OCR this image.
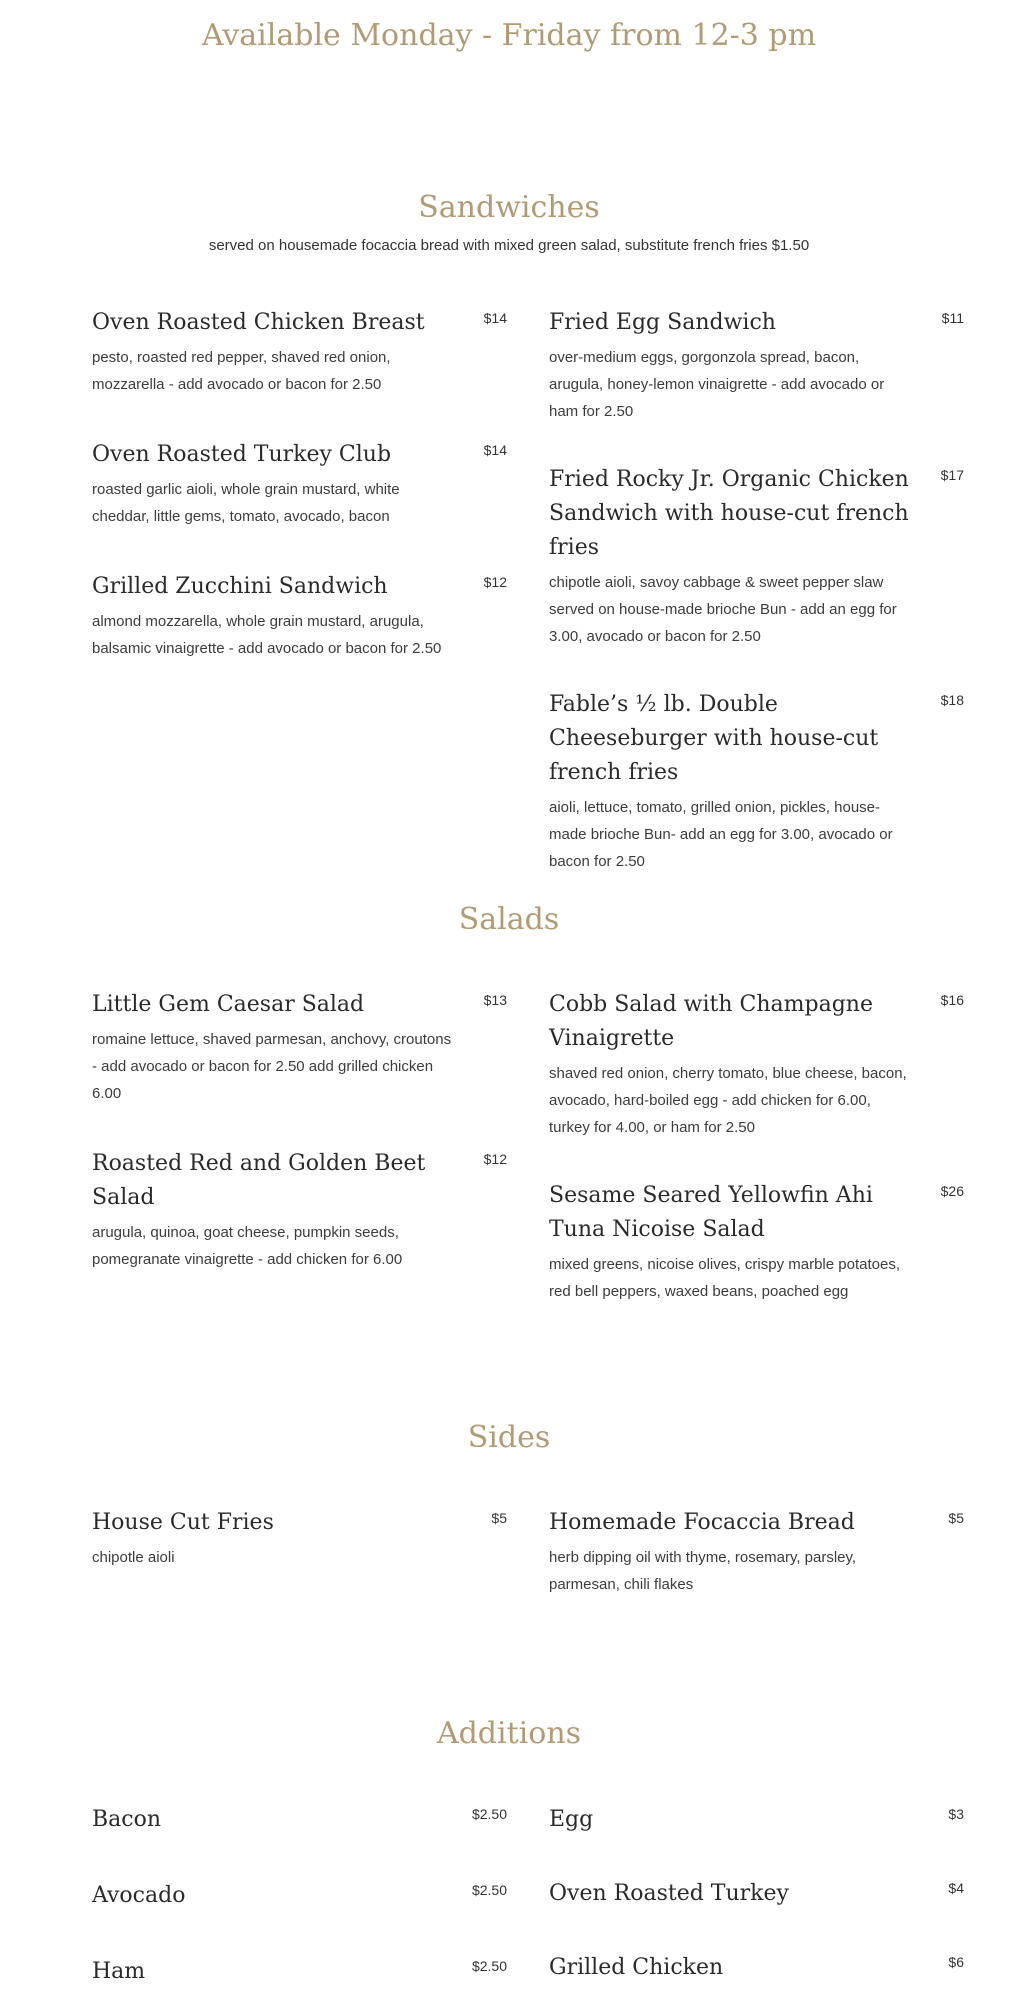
Available Monday - Friday from 12-3 pm
Sandwiches

served on housemade focaccia bread with mixed green salad, substitute french fries $1.50

Oven Roasted Chicken Breast

pesto, roasted red pepper, shaved red onion, mozzarella - add avocado or bacon for 2.50

$14
Oven Roasted Turkey Club

roasted garlic aioli, whole grain mustard, white cheddar, little gems, tomato, avocado, bacon

$14
Grilled Zucchini Sandwich

almond mozzarella, whole grain mustard, arugula, balsamic vinaigrette - add avocado or bacon for 2.50

$12
Fried Egg Sandwich

over-medium eggs, gorgonzola spread, bacon, arugula, honey-lemon vinaigrette - add avocado or ham for 2.50

$11
Fried Rocky Jr. Organic Chicken Sandwich with house-cut french fries

chipotle aioli, savoy cabbage & sweet pepper slaw served on house-made brioche Bun - add an egg for 3.00, avocado or bacon for 2.50

$17
Fable’s ½ lb. Double Cheeseburger with house-cut french fries

aioli, lettuce, tomato, grilled onion, pickles, house-made brioche Bun- add an egg for 3.00, avocado or bacon for 2.50

$18
Salads
Little Gem Caesar Salad

romaine lettuce, shaved parmesan, anchovy, croutons - add avocado or bacon for 2.50 add grilled chicken 6.00

$13
Roasted Red and Golden Beet Salad

arugula, quinoa, goat cheese, pumpkin seeds, pomegranate vinaigrette - add chicken for 6.00

$12
Cobb Salad with Champagne Vinaigrette

shaved red onion, cherry tomato, blue cheese, bacon, avocado, hard-boiled egg - add chicken for 6.00, turkey for 4.00, or ham for 2.50

$16
Sesame Seared Yellowfin Ahi Tuna Nicoise Salad

mixed greens, nicoise olives, crispy marble potatoes, red bell peppers, waxed beans, poached egg

$26
Sides
House Cut Fries

chipotle aioli

$5 Homemade Focaccia Bread

herb dipping oil with thyme, rosemary, parsley, parmesan, chili flakes

$5
Additions
Bacon	$2.50
Avocado	$2.50
Ham	$2.50
Egg	$3
Oven Roasted Turkey	$4
Grilled Chicken	$6
